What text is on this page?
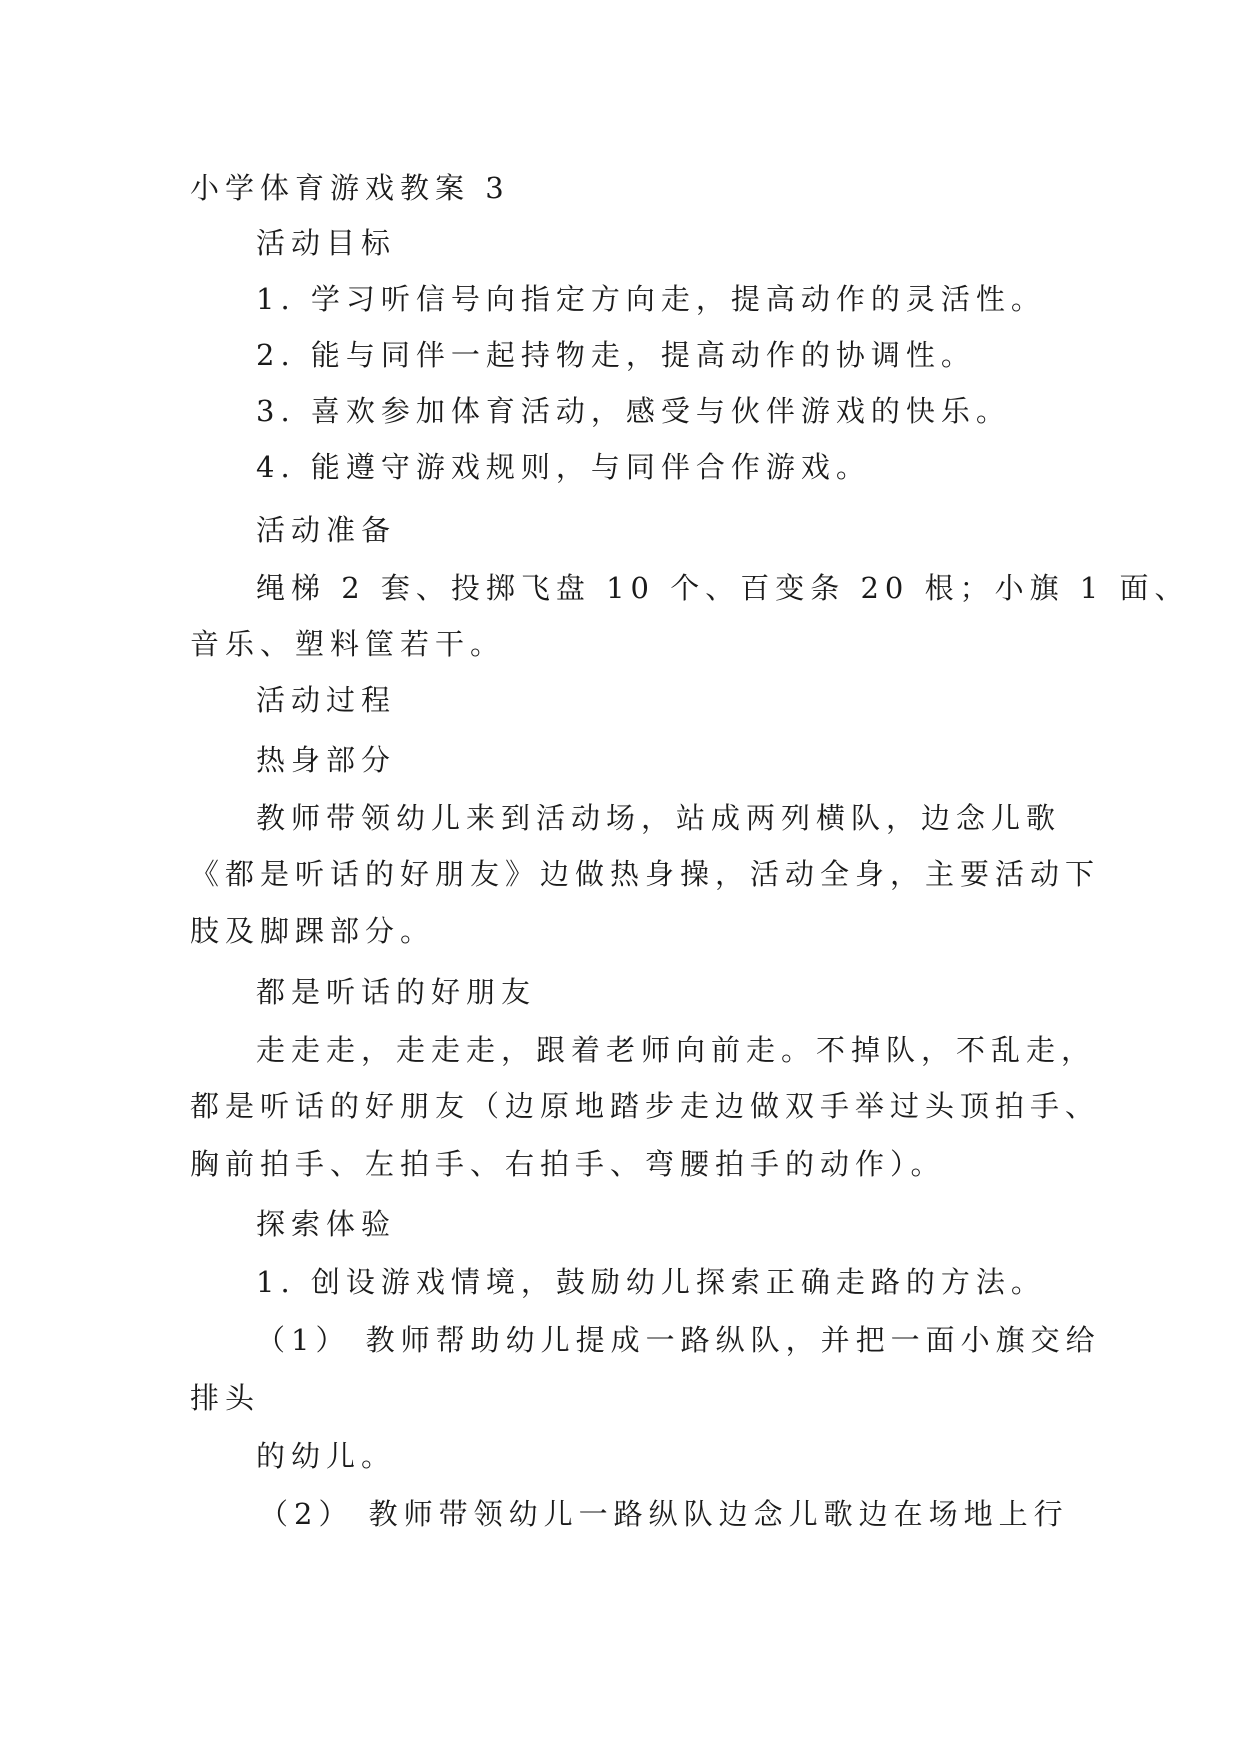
小学体育游戏教案 3
活动目标
1. 学习听信号向指定方向走，提高动作的灵活性。
2. 能与同伴一起持物走，提高动作的协调性。
3. 喜欢参加体育活动，感受与伙伴游戏的快乐。
4. 能遵守游戏规则，与同伴合作游戏。
活动准备
绳梯 2 套、投掷飞盘 10 个、百变条 20 根；小旗 1 面、
音乐、塑料筐若干。
活动过程
热身部分
教师带领幼儿来到活动场，站成两列横队，边念儿歌
《都是听话的好朋友》边做热身操，活动全身，主要活动下
肢及脚踝部分。
都是听话的好朋友
走走走，走走走，跟着老师向前走。不掉队，不乱走，
都是听话的好朋友（边原地踏步走边做双手举过头顶拍手、
胸前拍手、左拍手、右拍手、弯腰拍手的动作）。
探索体验
1. 创设游戏情境，鼓励幼儿探索正确走路的方法。
（1） 教师帮助幼儿提成一路纵队，并把一面小旗交给
排头
的幼儿。
（2） 教师带领幼儿一路纵队边念儿歌边在场地上行
